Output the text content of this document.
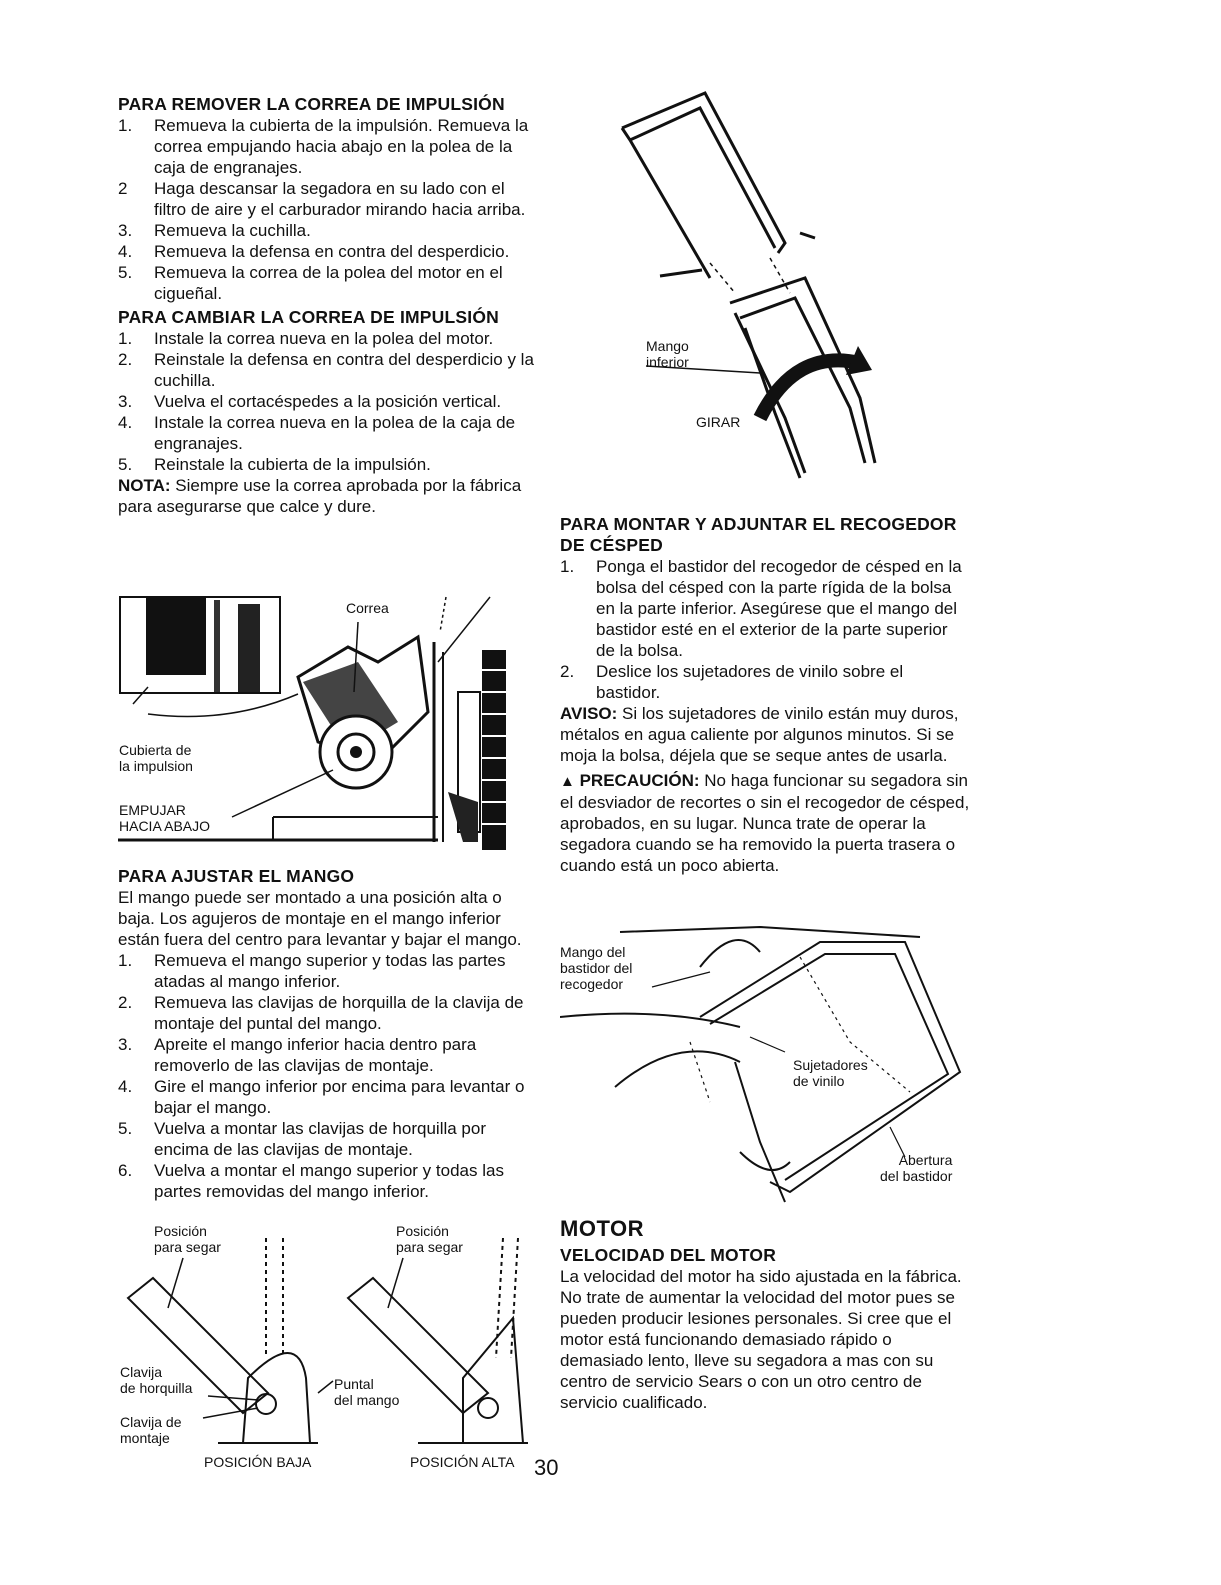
PARA REMOVER LA CORREA DE IMPULSIÓN
1. Remueva la cubierta de la impulsión. Remueva la correa empujando hacia abajo en la polea de la caja de engranajes.
2 Haga descansar la segadora en su lado con el filtro de aire y el carburador mirando hacia arriba.
3. Remueva la cuchilla.
4. Remueva la defensa en contra del desperdicio.
5. Remueva la correa de la polea del motor en el cigueñal.
PARA CAMBIAR LA CORREA DE IMPULSIÓN
1. Instale la correa nueva en la polea del motor.
2. Reinstale la defensa en contra del desperdicio y la cuchilla.
3. Vuelva el cortacéspedes a la posición vertical.
4. Instale la correa nueva en la polea de la caja de engranajes.
5. Reinstale la cubierta de la impulsión.

NOTA: Siempre use la correa aprobada por la fábrica para asegurarse que calce y dure.

Correa
Cubierta de
la impulsion
EMPUJAR
HACIA ABAJO
PARA AJUSTAR EL MANGO

El mango puede ser montado a una posición alta o baja. Los agujeros de montaje en el mango inferior están fuera del centro para levantar y bajar el mango.

1. Remueva el mango superior y todas las partes atadas al mango inferior.
2. Remueva las clavijas de horquilla de la clavija de montaje del puntal del mango.
3. Apreite el mango inferior hacia dentro para removerlo de las clavijas de montaje.
4. Gire el mango inferior por encima para levantar o bajar el mango.
5. Vuelva a montar las clavijas de horquilla por encima de las clavijas de montaje.
6. Vuelva a montar el mango superior y todas las partes removidas del mango inferior.
Posición
para segar
Posición
para segar
Clavija
de horquilla
Clavija de
montaje
Puntal
del mango
POSICIÓN BAJA	POSICIÓN ALTA 30
Mango
inferior
GIRAR
PARA MONTAR Y ADJUNTAR EL RECOGEDOR DE CÉSPED
1. Ponga el bastidor del recogedor de césped en la bolsa del césped con la parte rígida de la bolsa en la parte inferior. Asegúrese que el mango del bastidor esté en el exterior de la parte superior de la bolsa.
2. Deslice los sujetadores de vinilo sobre el bastidor.

AVISO: Si los sujetadores de vinilo están muy duros, métalos en agua caliente por algunos minutos. Si se moja la bolsa, déjela que se seque antes de usarla.

▲ PRECAUCIÓN: No haga funcionar su segadora sin el desviador de recortes o sin el recogedor de césped, aprobados, en su lugar. Nunca trate de operar la segadora cuando se ha removido la puerta trasera o cuando está un poco abierta.

Mango del
bastidor del
recogedor
Sujetadores
de vinilo
Abertura
del bastidor
MOTOR
VELOCIDAD DEL MOTOR

La velocidad del motor ha sido ajustada en la fábrica. No trate de aumentar la velocidad del motor pues se pueden producir lesiones personales. Si cree que el motor está funcionando demasiado rápido o demasiado lento, lleve su segadora a mas con su centro de servicio Sears o con un otro centro de servicio cualificado.
